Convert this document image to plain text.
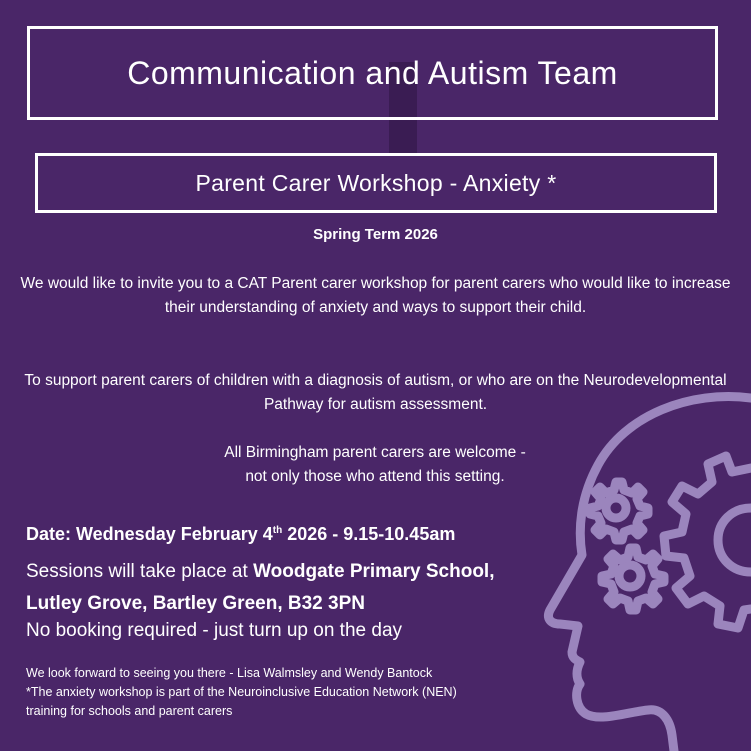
Communication and Autism Team
Parent Carer Workshop - Anxiety *
Spring Term 2026
We would like to invite you to a CAT Parent carer workshop for parent carers who would like to increase their understanding of anxiety and ways to support their child.
To support parent carers of children with a diagnosis of autism, or who are on the Neurodevelopmental Pathway for autism assessment.
All Birmingham parent carers are welcome -
not only those who attend this setting.
Date: Wednesday February 4th 2026 - 9.15-10.45am
Sessions will take place at Woodgate Primary School,
Lutley Grove, Bartley Green, B32 3PN
No booking required - just turn up on the day
We look forward to seeing you there - Lisa Walmsley and Wendy Bantock
*The anxiety workshop is part of the Neuroinclusive Education Network (NEN)
training for schools and parent carers
